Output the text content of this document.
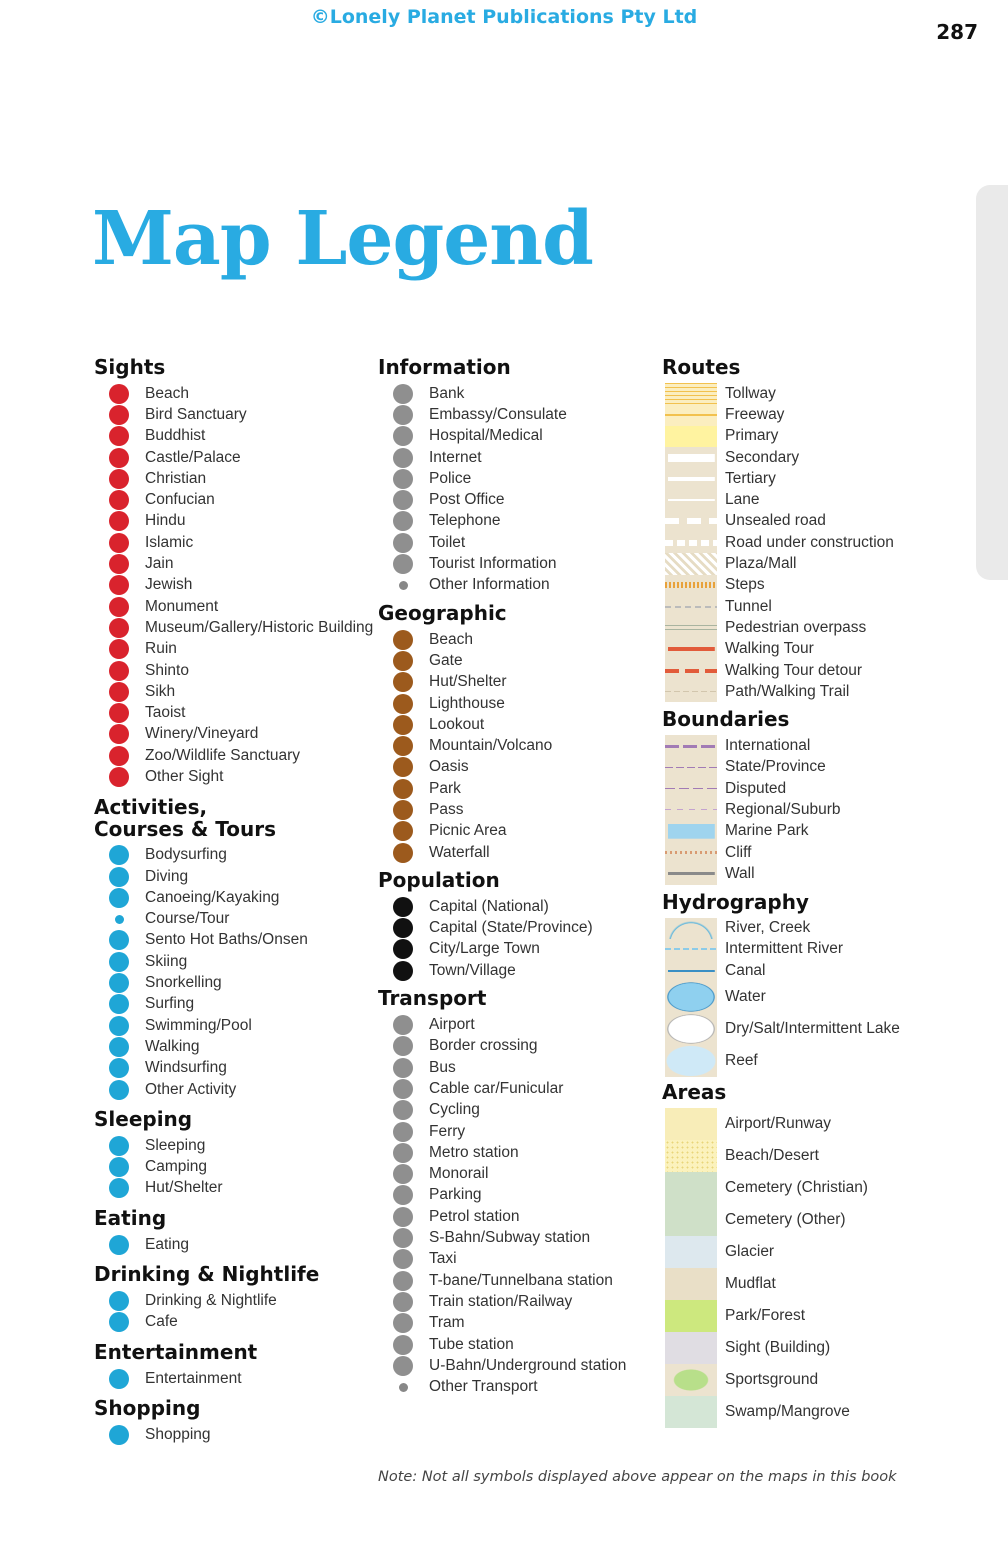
©Lonely Planet Publications Pty Ltd
287
Map Legend
Sights
Beach
Bird Sanctuary
Buddhist
Castle/Palace
Christian
Confucian
Hindu
Islamic
Jain
Jewish
Monument
Museum/Gallery/Historic Building
Ruin
Shinto
Sikh
Taoist
Winery/Vineyard
Zoo/Wildlife Sanctuary
Other Sight
Activities,
Courses & Tours
Bodysurfing
Diving
Canoeing/Kayaking
Course/Tour
Sento Hot Baths/Onsen
Skiing
Snorkelling
Surfing
Swimming/Pool
Walking
Windsurfing
Other Activity
Sleeping
Sleeping
Camping
Hut/Shelter
Eating
Eating
Drinking & Nightlife
Drinking & Nightlife
Cafe
Entertainment
Entertainment
Shopping
Shopping
Information
Bank
Embassy/Consulate
Hospital/Medical
Internet
Police
Post Office
Telephone
Toilet
Tourist Information
Other Information
Geographic
Beach
Gate
Hut/Shelter
Lighthouse
Lookout
Mountain/Volcano
Oasis
Park
Pass
Picnic Area
Waterfall
Population
Capital (National)
Capital (State/Province)
City/Large Town
Town/Village
Transport
Airport
Border crossing
Bus
Cable car/Funicular
Cycling
Ferry
Metro station
Monorail
Parking
Petrol station
S-Bahn/Subway station
Taxi
T-bane/Tunnelbana station
Train station/Railway
Tram
Tube station
U-Bahn/Underground station
Other Transport
Routes
Tollway
Freeway
Primary
Secondary
Tertiary
Lane
Unsealed road
Road under construction
Plaza/Mall
Steps
Tunnel
Pedestrian overpass
Walking Tour
Walking Tour detour
Path/Walking Trail
Boundaries
International
State/Province
Disputed
Regional/Suburb
Marine Park
Cliff
Wall
Hydrography
River, Creek
Intermittent River
Canal
Water
Dry/Salt/Intermittent Lake
Reef
Areas
Airport/Runway
Beach/Desert
Cemetery (Christian)
Cemetery (Other)
Glacier
Mudflat
Park/Forest
Sight (Building)
Sportsground
Swamp/Mangrove
Note: Not all symbols displayed above appear on the maps in this book
